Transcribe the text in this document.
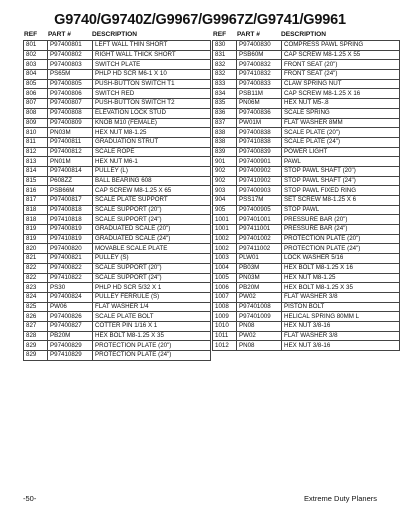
G9740/G9740Z/G9967/G9967Z/G9741/G9961
REF	PART #	DESCRIPTION
801	P97400801	LEFT WALL THIN SHORT
802	P97400802	RIGHT WALL THICK SHORT
803	P97400803	SWITCH PLATE
804	PS65M	PHLP HD SCR M6-1 X 10
805	P97400805	PUSH-BUTTON SWITCH T1
806	P97400806	SWITCH RED
807	P97400807	PUSH-BUTTON SWITCH T2
808	P97400808	ELEVATION LOCK STUD
809	P97400809	KNOB M10 (FEMALE)
810	PN03M	HEX NUT M8-1.25
811	P97400811	GRADUATION STRUT
812	P97400812	SCALE ROPE
813	PN01M	HEX NUT M6-1
814	P97400814	PULLEY (L)
815	P608ZZ	BALL BEARING 608
816	PSB66M	CAP SCREW M8-1.25 X 65
817	P97400817	SCALE PLATE SUPPORT
818	P97400818	SCALE SUPPORT (20")
818	P97410818	SCALE SUPPORT (24")
819	P97400819	GRADUATED SCALE (20")
819	P97410819	GRADUATED SCALE (24")
820	P97400820	MOVABLE SCALE PLATE
821	P97400821	PULLEY (S)
822	P97400822	SCALE SUPPORT (20")
822	P97410822	SCALE SUPPORT (24")
823	PS30	PHLP HD SCR 5/32 X 1
824	P97400824	PULLEY FERRULE (S)
825	PW06	FLAT WASHER 1/4
826	P97400826	SCALE PLATE BOLT
827	P97400827	COTTER PIN 1/16 X 1
828	PB20M	HEX BOLT M8-1.25 X 35
829	P97400829	PROTECTION PLATE (20")
829	P97410829	PROTECTION PLATE (24")
REF	PART #	DESCRIPTION
830	P97400830	COMPRESS PAWL SPRING
831	PSB60M	CAP SCREW M8-1.25 X 55
832	P97400832	FRONT SEAT (20")
832	P97410832	FRONT SEAT (24")
833	P97400833	CLAW SPRING NUT
834	PSB11M	CAP SCREW M8-1.25 X 16
835	PN06M	HEX NUT M5-.8
836	P97400836	SCALE SPRING
837	PW01M	FLAT WASHER 8MM
838	P97400838	SCALE PLATE (20")
838	P97410838	SCALE PLATE (24")
839	P97400839	POWER LIGHT
901	P97400901	PAWL
902	P97400902	STOP PAWL SHAFT (20")
902	P97410902	STOP PAWL SHAFT (24")
903	P97400903	STOP PAWL FIXED RING
904	PSS17M	SET SCREW M8-1.25 X 6
905	P97400905	STOP PAWL
1001	P97401001	PRESSURE BAR (20")
1001	P97411001	PRESSURE BAR (24")
1002	P97401002	PROTECTION PLATE (20")
1002	P97411002	PROTECTION PLATE (24")
1003	PLW01	LOCK WASHER 5/16
1004	PB03M	HEX BOLT M8-1.25 X 16
1005	PN03M	HEX NUT M8-1.25
1006	PB20M	HEX BOLT M8-1.25 X 35
1007	PW02	FLAT WASHER 3/8
1008	P97401008	PISTON BOLT
1009	P97401009	HELICAL SPRING 80MM L
1010	PN08	HEX NUT 3/8-16
1011	PW02	FLAT WASHER 3/8
1012	PN08	HEX NUT 3/8-16
-50-	Extreme Duty Planers
